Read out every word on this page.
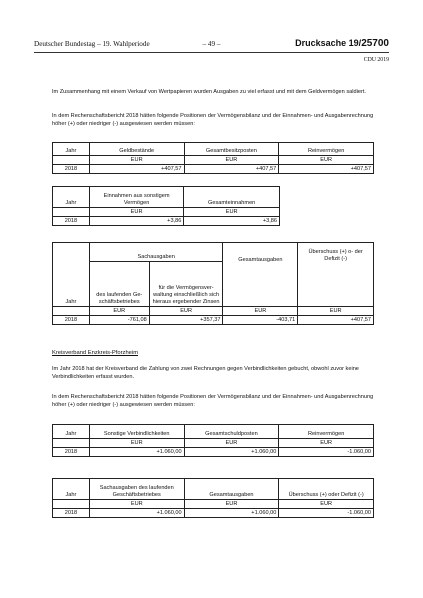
Deutscher Bundestag – 19. Wahlperiode	– 49 –	Drucksache 19/25700
CDU 2019
Im Zusammenhang mit einem Verkauf von Wertpapieren wurden Ausgaben zu viel erfasst und mit dem Geldvermögen saldiert.
In dem Rechenschaftsbericht 2018 hätten folgende Positionen der Vermögensbilanz und der Einnahmen- und Ausgabenrechnung höher (+) oder niedriger (-) ausgewiesen werden müssen:
Jahr	Geldbestände	Gesamtbesitzposten	Reinvermögen
	EUR	EUR	EUR
2018	+407,57	+407,57	+407,57
Jahr	Einnahmen aus sonstigem Vermögen	Gesamteinnahmen
	EUR	EUR
2018	+3,86	+3,86
Jahr	Sachausgaben		Gesamtausgaben	Überschuss (+) o- der Defizit (-)
	des laufenden Ge- schäftsbetriebes	für die Vermögensver- waltung einschließlich sich hieraus ergebender Zinsen		
	EUR	EUR	EUR	EUR
2018	-761,08	+357,37	-403,71	+407,57
Kreisverband Enzkreis-Pforzheim
Im Jahr 2018 hat der Kreisverband die Zahlung von zwei Rechnungen gegen Verbindlichkeiten gebucht, obwohl zuvor keine Verbindlichkeiten erfasst wurden.
In dem Rechenschaftsbericht 2018 hätten folgende Positionen der Vermögensbilanz und der Einnahmen- und Ausgabenrechnung höher (+) oder niedriger (-) ausgewiesen werden müssen:
Jahr	Sonstige Verbindlichkeiten	Gesamtschuldposten	Reinvermögen
	EUR	EUR	EUR
2018	+1.060,00	+1.060,00	-1.060,00
Jahr	Sachausgaben des laufenden Geschäftsbetriebes	Gesamtausgaben	Überschuss (+) oder Defizit (-)
	EUR	EUR	EUR
2018	+1.060,00	+1.060,00	-1.060,00
